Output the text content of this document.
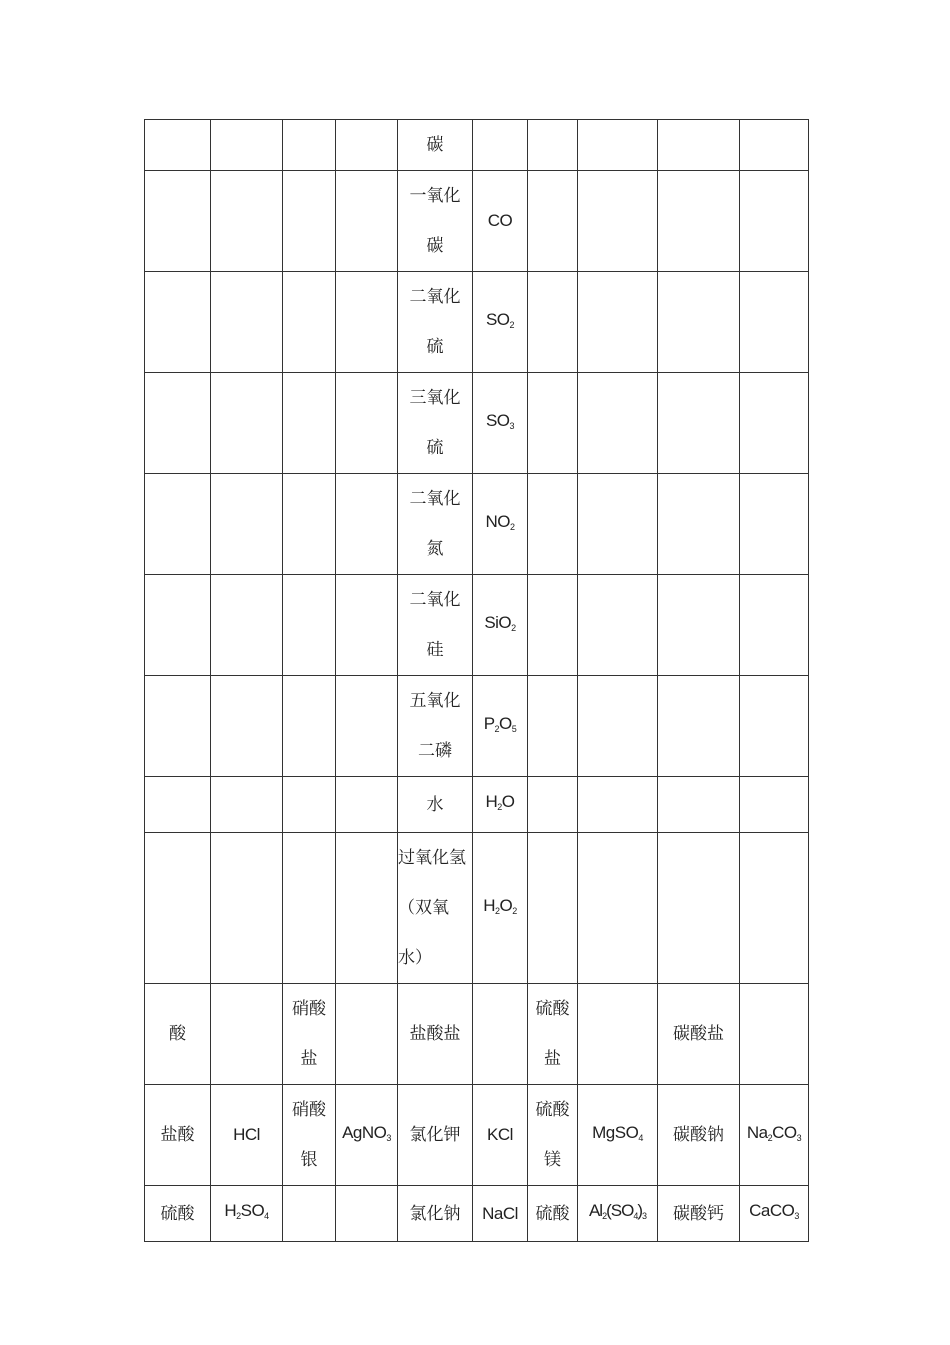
				碳					
				一氧化碳	CO				
				二氧化硫	$SO_2$				
				三氧化硫	$SO_3$				
				二氧化氮	$NO_2$				
				二氧化硅	SiO$_2$				
				五氧化二磷	$P_2O_5$				
				水	$H_2O$				
				过氧化氢（双氧水）	$H_2O_2$				
酸		硝酸盐		盐酸盐		硫酸盐		碳酸盐	
盐酸	HCl	硝酸银	AgNO$_3$	氯化钾	KCl	硫酸镁	MgSO$_4$	碳酸钠	$Na_2CO_3$
硫酸	$H_2SO_4$			氯化钠	NaCl	硫酸	$Al_2(SO_4)_3$	碳酸钙	CaCO$_3$
